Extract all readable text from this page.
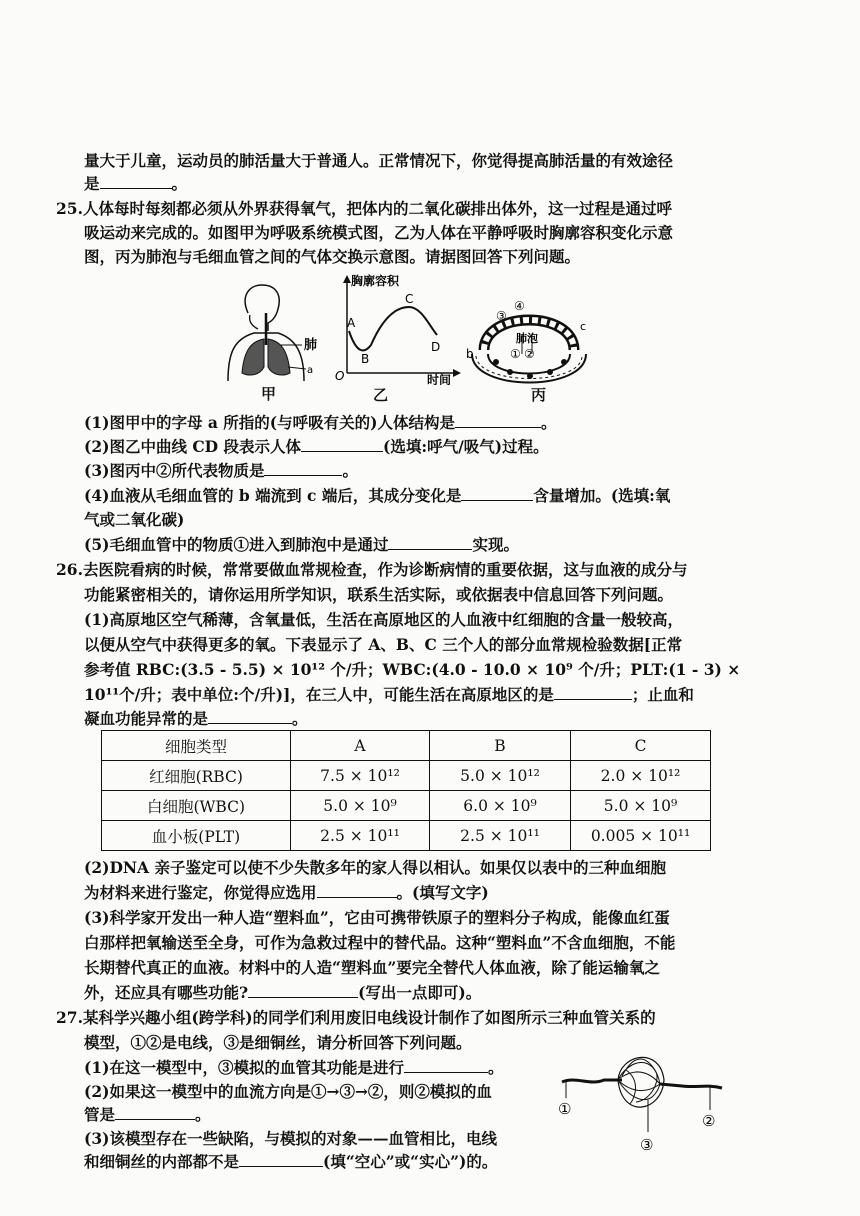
量大于儿童，运动员的肺活量大于普通人。正常情况下，你觉得提高肺活量的有效途径
是	。
25.人体每时每刻都必须从外界获得氧气，把体内的二氧化碳排出体外，这一过程是通过呼
吸运动来完成的。如图甲为呼吸系统模式图，乙为人体在平静呼吸时胸廓容积变化示意
图，丙为肺泡与毛细血管之间的气体交换示意图。请据图回答下列问题。
肺
a
甲
胸廓容积
时间
O
A
B
C
D
乙
肺泡
① ②
③
④
b
c
丙
(1)图甲中的字母 a 所指的(与呼吸有关的)人体结构是	。
(2)图乙中曲线 CD 段表示人体	(选填:呼气/吸气)过程。
(3)图丙中②所代表物质是	。
(4)血液从毛细血管的 b 端流到 c 端后，其成分变化是	含量增加。(选填:氧
气或二氧化碳)
(5)毛细血管中的物质①进入到肺泡中是通过	实现。
26.去医院看病的时候，常常要做血常规检查，作为诊断病情的重要依据，这与血液的成分与
功能紧密相关的，请你运用所学知识，联系生活实际，或依据表中信息回答下列问题。
(1)高原地区空气稀薄，含氧量低，生活在高原地区的人血液中红细胞的含量一般较高，
以便从空气中获得更多的氧。下表显示了 A、B、C 三个人的部分血常规检验数据[正常
参考值 RBC:(3.5 - 5.5) × 10¹² 个/升；WBC:(4.0 - 10.0 × 10⁹ 个/升；PLT:(1 - 3) ×
10¹¹个/升；表中单位:个/升)]，在三人中，可能生活在高原地区的是	；止血和
凝血功能异常的是	。
细胞类型	A	B	C
红细胞(RBC)	7.5 × 10¹²	5.0 × 10¹²	2.0 × 10¹²
白细胞(WBC)	5.0 × 10⁹	6.0 × 10⁹	5.0 × 10⁹
血小板(PLT)	2.5 × 10¹¹	2.5 × 10¹¹	0.005 × 10¹¹
(2)DNA 亲子鉴定可以使不少失散多年的家人得以相认。如果仅以表中的三种血细胞
为材料来进行鉴定，你觉得应选用	。(填写文字)
(3)科学家开发出一种人造“塑料血”，它由可携带铁原子的塑料分子构成，能像血红蛋
白那样把氧输送至全身，可作为急救过程中的替代品。这种“塑料血”不含血细胞，不能
长期替代真正的血液。材料中的人造“塑料血”要完全替代人体血液，除了能运输氧之
外，还应具有哪些功能?	(写出一点即可)。
27.某科学兴趣小组(跨学科)的同学们利用废旧电线设计制作了如图所示三种血管关系的
模型，①②是电线，③是细铜丝，请分析回答下列问题。
(1)在这一模型中，③模拟的血管其功能是进行	。
(2)如果这一模型中的血流方向是①→③→②，则②模拟的血
管是	。
(3)该模型存在一些缺陷，与模拟的对象——血管相比，电线
和细铜丝的内部都不是	(填“空心”或“实心”)的。
①
②
③
